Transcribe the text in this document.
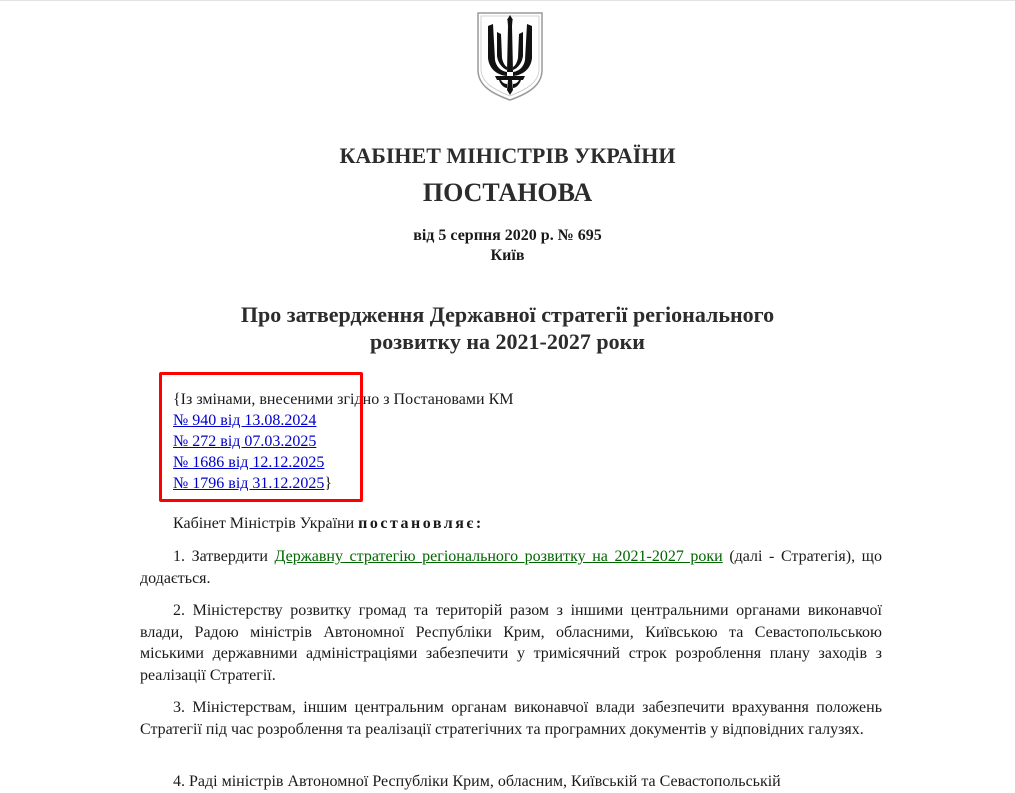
КАБІНЕТ МІНІСТРІВ УКРАЇНИ
ПОСТАНОВА
від 5 серпня 2020 р. № 695
Київ
Про затвердження Державної стратегії регіонального
розвитку на 2021-2027 роки
{Із змінами, внесеними згідно з Постановами КМ
№ 940 від 13.08.2024
№ 272 від 07.03.2025
№ 1686 від 12.12.2025
№ 1796 від 31.12.2025}
Кабінет Міністрів України постановляє:
1. Затвердити Державну стратегію регіонального розвитку на 2021-2027 роки (далі - Стратегія), що додається.
2. Міністерству розвитку громад та територій разом з іншими центральними органами виконавчої влади, Радою міністрів Автономної Республіки Крим, обласними, Київською та Севастопольською міськими державними адміністраціями забезпечити у тримісячний строк розроблення плану заходів з реалізації Стратегії.
3. Міністерствам, іншим центральним органам виконавчої влади забезпечити врахування положень Стратегії під час розроблення та реалізації стратегічних та програмних документів у відповідних галузях.
4. Раді міністрів Автономної Республіки Крим, обласним, Київській та Севастопольській
